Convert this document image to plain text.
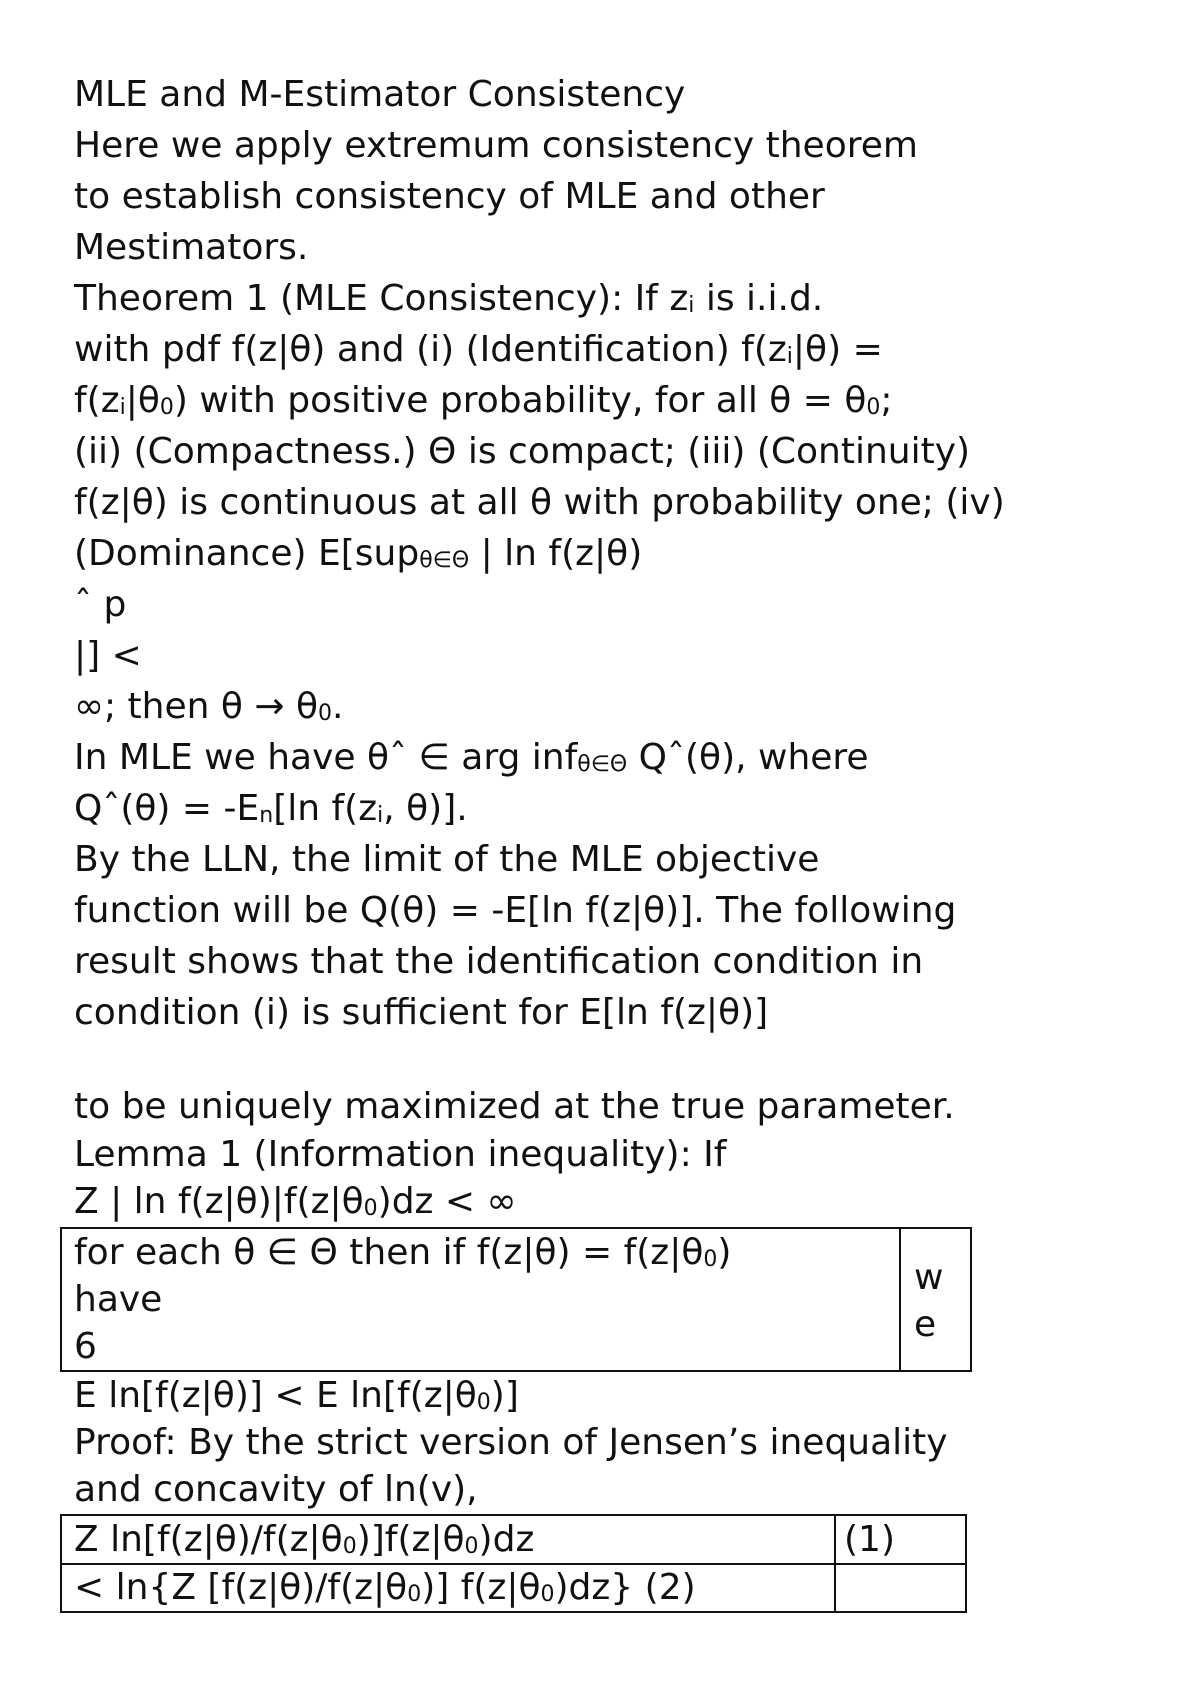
MLE and M-Estimator Consistency
Here we apply extremum consistency theorem
to establish consistency of MLE and other
Mestimators.
Theorem 1 (MLE Consistency): If $z_i$ is i.i.d.
with pdf f(z|θ) and (i) (Identification) $f(z_i|\theta)$ =
$f(z_i|\theta_0)$ with positive probability, for all $\theta = \theta_0$;
(ii) (Compactness.) Θ is compact; (iii) (Continuity)
f(z|θ) is continuous at all θ with probability one; (iv)
(Dominance) E[sup$_{\theta\in\Theta}$ | ln f(z|θ)
ˆ p
|] <
∞; then $\theta \to \theta_0$.
In MLE we have θˆ ∈ arg inf$_{\theta\in\Theta}$ Qˆ(θ), where
Qˆ(θ) = $-E_n[\ln$ $f(z_i$, θ)].
By the LLN, the limit of the MLE objective
function will be Q(θ) = -E[ln f(z|θ)]. The following
result shows that the identification condition in
condition (i) is sufficient for E[ln f(z|θ)]
to be uniquely maximized at the true parameter.
Lemma 1 (Information inequality): If
Z | $\ln f(z|\theta)|f(z|\theta_0)dz$ < ∞
for each θ ∈ Θ then if $f(z|\theta) = f(z|\theta_0)$
have
6
w
e
E ln[f(z|θ)] < E $\ln[f(z|\theta_0)]$
Proof: By the strict version of Jensen’s inequality
and concavity of ln(v),
Z $\ln[f(z|\theta)/f(z|\theta_0)]f(z|\theta_0)dz$	(1)
< ln{Z $[f(z|\theta)/f(z|\theta_0)]$ $f(z|\theta_0)dz$} (2)
